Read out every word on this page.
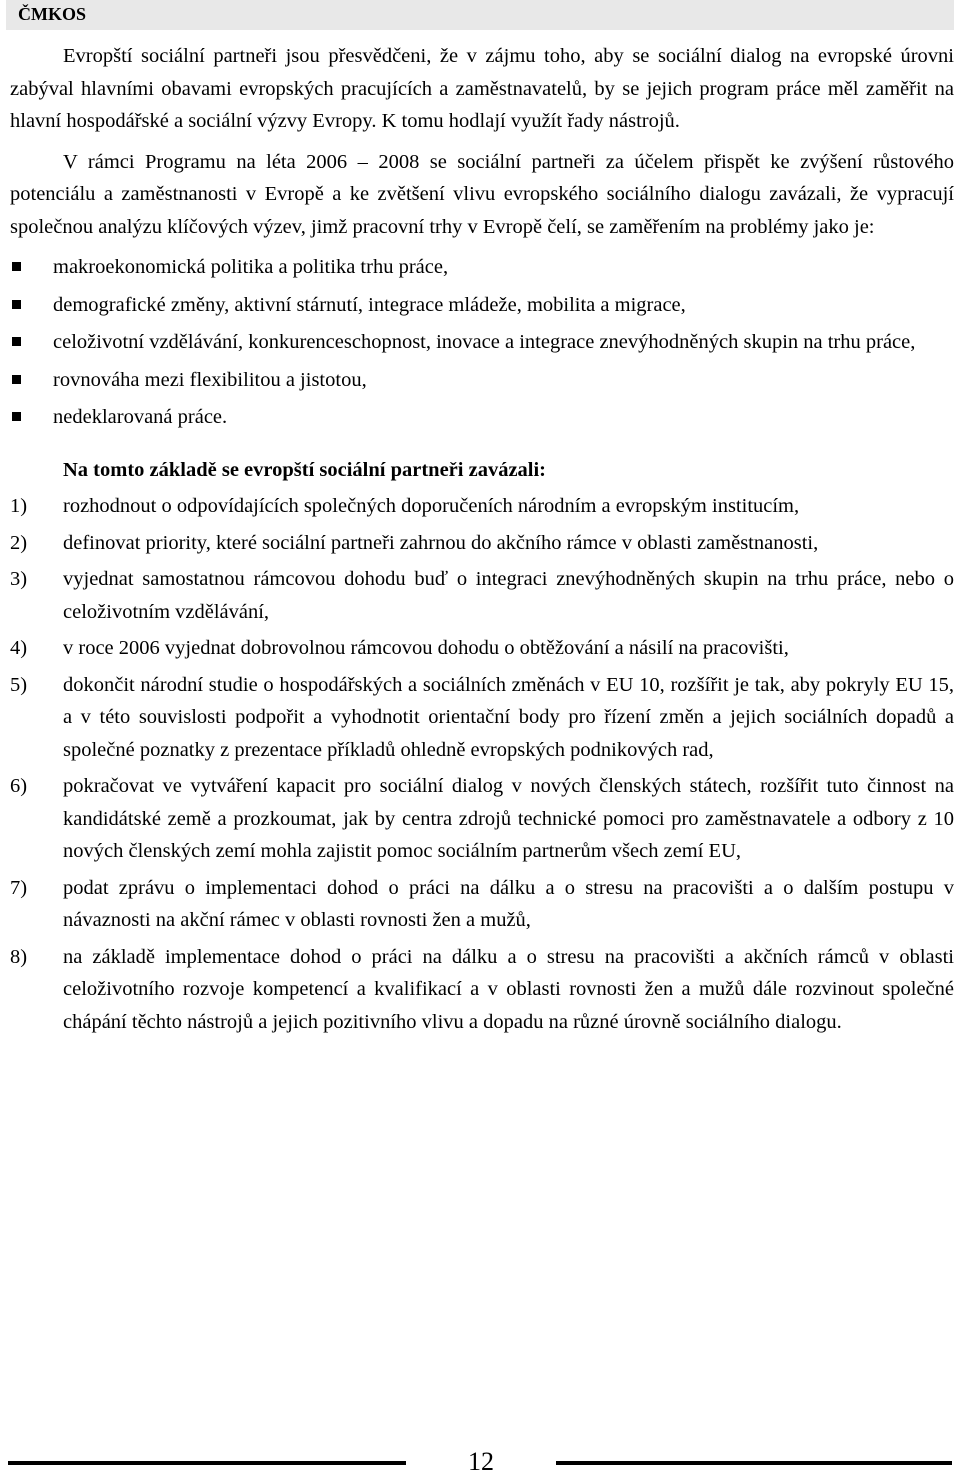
ČMKOS

Evropští sociální partneři jsou přesvědčeni, že v zájmu toho, aby se sociální dialog na evropské úrovni zabýval hlavními obavami evropských pracujících a zaměstnavatelů, by se jejich program práce měl zaměřit na hlavní hospodářské a sociální výzvy Evropy. K tomu hodlají využít řady nástrojů.

V rámci Programu na léta 2006 – 2008 se sociální partneři za účelem přispět ke zvýšení růstového potenciálu a zaměstnanosti v Evropě a ke zvětšení vlivu evropského sociálního dialogu zavázali, že vypracují společnou analýzu klíčových výzev, jimž pracovní trhy v Evropě čelí, se zaměřením na problémy jako je:

makroekonomická politika a politika trhu práce,
demografické změny, aktivní stárnutí, integrace mládeže, mobilita a migrace,
celoživotní vzdělávání, konkurenceschopnost, inovace a integrace znevýhodněných skupin na trhu práce,
rovnováha mezi flexibilitou a jistotou,
nedeklarovaná práce.

Na tomto základě se evropští sociální partneři zavázali:

1) rozhodnout o odpovídajících společných doporučeních národním a evropským institucím,
2) definovat priority, které sociální partneři zahrnou do akčního rámce v oblasti zaměstnanosti,
3) vyjednat samostatnou rámcovou dohodu buď o integraci znevýhodněných skupin na trhu práce, nebo o celoživotním vzdělávání,
4) v roce 2006 vyjednat dobrovolnou rámcovou dohodu o obtěžování a násilí na pracovišti,
5) dokončit národní studie o hospodářských a sociálních změnách v EU 10, rozšířit je tak, aby pokryly EU 15, a v této souvislosti podpořit a vyhodnotit orientační body pro řízení změn a jejich sociálních dopadů a společné poznatky z prezentace příkladů ohledně evropských podnikových rad,
6) pokračovat ve vytváření kapacit pro sociální dialog v nových členských státech, rozšířit tuto činnost na kandidátské země a prozkoumat, jak by centra zdrojů technické pomoci pro zaměstnavatele a odbory z 10 nových členských zemí mohla zajistit pomoc sociálním partnerům všech zemí EU,
7) podat zprávu o implementaci dohod o práci na dálku a o stresu na pracovišti a o dalším postupu v návaznosti na akční rámec v oblasti rovnosti žen a mužů,
8) na základě implementace dohod o práci na dálku a o stresu na pracovišti a akčních rámců v oblasti celoživotního rozvoje kompetencí a kvalifikací a v oblasti rovnosti žen a mužů dále rozvinout společné chápání těchto nástrojů a jejich pozitivního vlivu a dopadu na různé úrovně sociálního dialogu.
12
